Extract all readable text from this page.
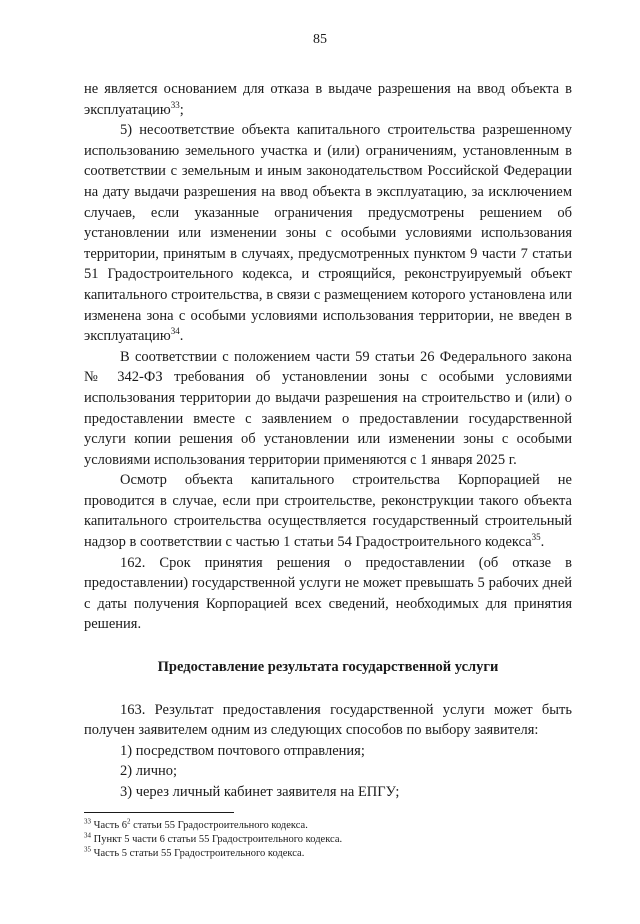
85

не является основанием для отказа в выдаче разрешения на ввод объекта в эксплуатацию$^{33}$;

5) несоответствие объекта капитального строительства разрешенному использованию земельного участка и (или) ограничениям, установленным в соответствии с земельным и иным законодательством Российской Федерации на дату выдачи разрешения на ввод объекта в эксплуатацию, за исключением случаев, если указанные ограничения предусмотрены решением об установлении или изменении зоны с особыми условиями использования территории, принятым в случаях, предусмотренных пунктом 9 части 7 статьи 51 Градостроительного кодекса, и строящийся, реконструируемый объект капитального строительства, в связи с размещением которого установлена или изменена зона с особыми условиями использования территории, не введен в эксплуатацию$^{34}$.

В соответствии с положением части 59 статьи 26 Федерального закона № 342-ФЗ требования об установлении зоны с особыми условиями использования территории до выдачи разрешения на строительство и (или) о предоставлении вместе с заявлением о предоставлении государственной услуги копии решения об установлении или изменении зоны с особыми условиями использования территории применяются с 1 января 2025 г.

Осмотр объекта капитального строительства Корпорацией не проводится в случае, если при строительстве, реконструкции такого объекта капитального строительства осуществляется государственный строительный надзор в соответствии с частью 1 статьи 54 Градостроительного кодекса$^{35}$.

162. Срок принятия решения о предоставлении (об отказе в предоставлении) государственной услуги не может превышать 5 рабочих дней с даты получения Корпорацией всех сведений, необходимых для принятия решения.

Предоставление результата государственной услуги

163. Результат предоставления государственной услуги может быть получен заявителем одним из следующих способов по выбору заявителя:

1) посредством почтового отправления;

2) лично;

3) через личный кабинет заявителя на ЕПГУ;

$^{33}$ Часть $6^2$ статьи 55 Градостроительного кодекса.
$^{34}$ Пункт 5 части 6 статьи 55 Градостроительного кодекса.
$^{35}$ Часть 5 статьи 55 Градостроительного кодекса.
